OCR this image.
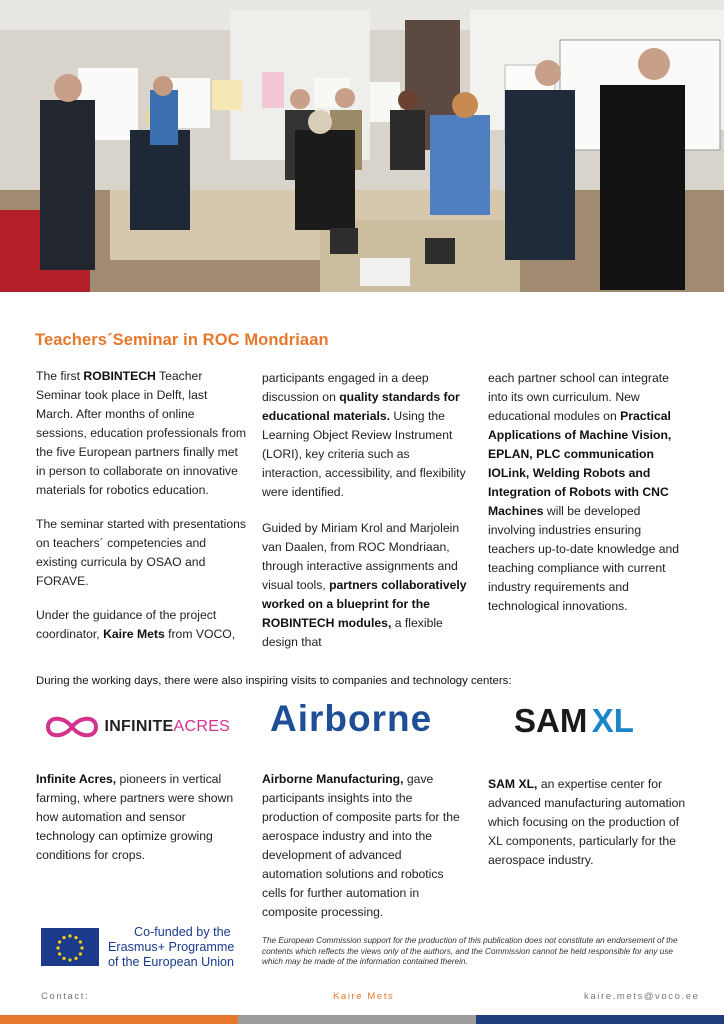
Teachers´Seminar in ROC Mondriaan

The first ROBINTECH Teacher Seminar took place in Delft, last March. After months of online sessions, education professionals from the five European partners finally met in person to collaborate on innovative materials for robotics education.

The seminar started with presentations on teachers´ competencies and existing curricula by OSAO and FORAVE.

Under the guidance of the project coordinator, Kaire Mets from VOCO,

participants engaged in a deep discussion on quality standards for educational materials. Using the Learning Object Review Instrument (LORI), key criteria such as interaction, accessibility, and flexibility were identified.

Guided by Miriam Krol and Marjolein van Daalen, from ROC Mondriaan, through interactive assignments and visual tools, partners collaboratively worked on a blueprint for the ROBINTECH modules, a flexible design that

each partner school can integrate into its own curriculum. New educational modules on Practical Applications of Machine Vision, EPLAN, PLC communication IOLink, Welding Robots and Integration of Robots with CNC Machines will be developed involving industries ensuring teachers up-to-date knowledge and teaching compliance with current industry requirements and technological innovations.

During the working days, there were also inspiring visits to companies and technology centers:
INFINITEACRES Airborne SAM XL
Infinite Acres, pioneers in vertical farming, where partners were shown how automation and sensor technology can optimize growing conditions for crops.
Airborne Manufacturing, gave participants insights into the production of composite parts for the aerospace industry and into the development of advanced automation solutions and robotics cells for further automation in composite processing.
SAM XL, an expertise center for advanced manufacturing automation which focusing on the production of XL components, particularly for the aerospace industry.
Co-funded by the
Erasmus+ Programme
of the European Union
The European Commission support for the production of this publication does not constitute an endorsement of the contents which reflects the views only of the authors, and the Commission cannot be held responsible for any use which may be made of the information contained therein.
Contact:	Kaire Mets	kaire.mets@voco.ee
